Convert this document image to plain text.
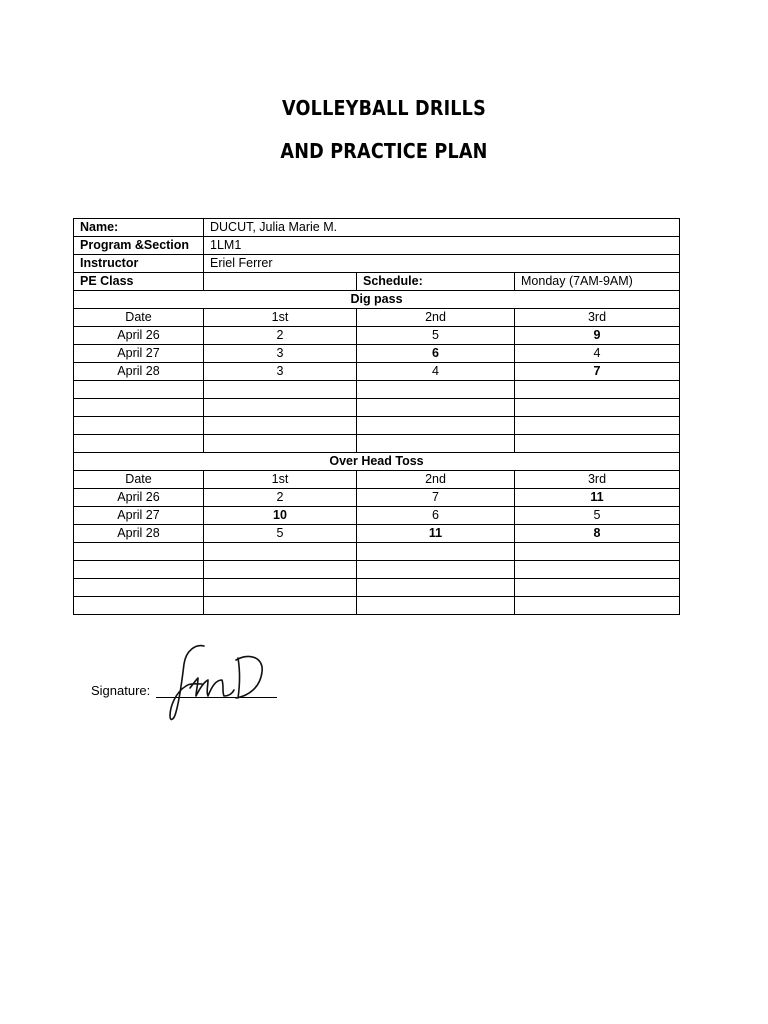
VOLLEYBALL DRILLS
AND PRACTICE PLAN
Name:	DUCUT, Julia Marie M.		
Program &Section	1LM1		
Instructor	Eriel Ferrer		
PE Class		Schedule:	Monday (7AM-9AM)
Dig pass			
Date	1st	2nd	3rd
April 26	2	5	9
April 27	3	6	4
April 28	3	4	7

Over Head Toss			
Date	1st	2nd	3rd
April 26	2	7	11
April 27	10	6	5
April 28	5	11	8

Signature:
